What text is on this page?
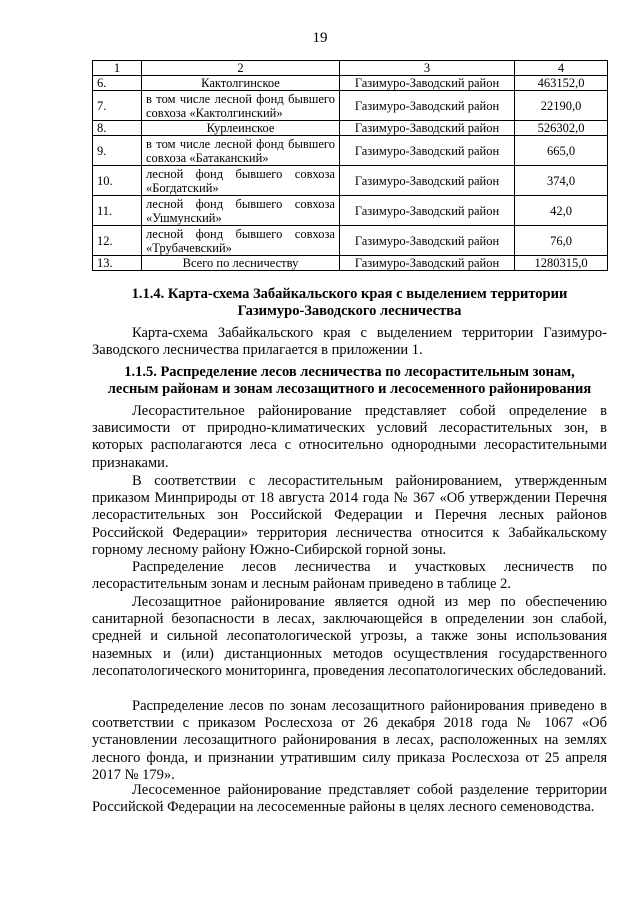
19
1	2	3	4
6.	Кактолгинское	Газимуро-Заводский район	463152,0
7.	в том числе лесной фонд бывшего совхоза «Кактолгинский»	Газимуро-Заводский район	22190,0
8.	Курлеинское	Газимуро-Заводский район	526302,0
9.	в том числе лесной фонд бывшего совхоза «Батаканский»	Газимуро-Заводский район	665,0
10.	лесной фонд бывшего совхоза «Богдатский»	Газимуро-Заводский район	374,0
11.	лесной фонд бывшего совхоза «Ушмунский»	Газимуро-Заводский район	42,0
12.	лесной фонд бывшего совхоза «Трубачевский»	Газимуро-Заводский район	76,0
13.	Всего по лесничеству	Газимуро-Заводский район	1280315,0
1.1.4. Карта-схема Забайкальского края с выделением территории
Газимуро-Заводского лесничества

Карта-схема Забайкальского края с выделением территории Газимуро-Заводского лесничества прилагается в приложении 1.

1.1.5. Распределение лесов лесничества по лесорастительным зонам,
лесным районам и зонам лесозащитного и лесосеменного районирования

Лесорастительное районирование представляет собой определение в зависимости от природно-климатических условий лесорастительных зон, в которых располагаются леса с относительно однородными лесорастительными признаками.

В соответствии с лесорастительным районированием, утвержденным приказом Минприроды от 18 августа 2014 года № 367 «Об утверждении Перечня лесорастительных зон Российской Федерации и Перечня лесных районов Российской Федерации» территория лесничества относится к Забайкальскому горному лесному району Южно-Сибирской горной зоны.

Распределение лесов лесничества и участковых лесничеств по лесорастительным зонам и лесным районам приведено в таблице 2.

Лесозащитное районирование является одной из мер по обеспечению санитарной безопасности в лесах, заключающейся в определении зон слабой, средней и сильной лесопатологической угрозы, а также зоны использования наземных и (или) дистанционных методов осуществления государственного лесопатологического мониторинга, проведения лесопатологических обследований.

Распределение лесов по зонам лесозащитного районирования приведено в соответствии с приказом Рослесхоза от 26 декабря 2018 года № 1067 «Об установлении лесозащитного районирования в лесах, расположенных на землях лесного фонда, и признании утратившим силу приказа Рослесхоза от 25 апреля 2017 № 179».

Лесосеменное районирование представляет собой разделение территории Российской Федерации на лесосеменные районы в целях лесного семеноводства.
